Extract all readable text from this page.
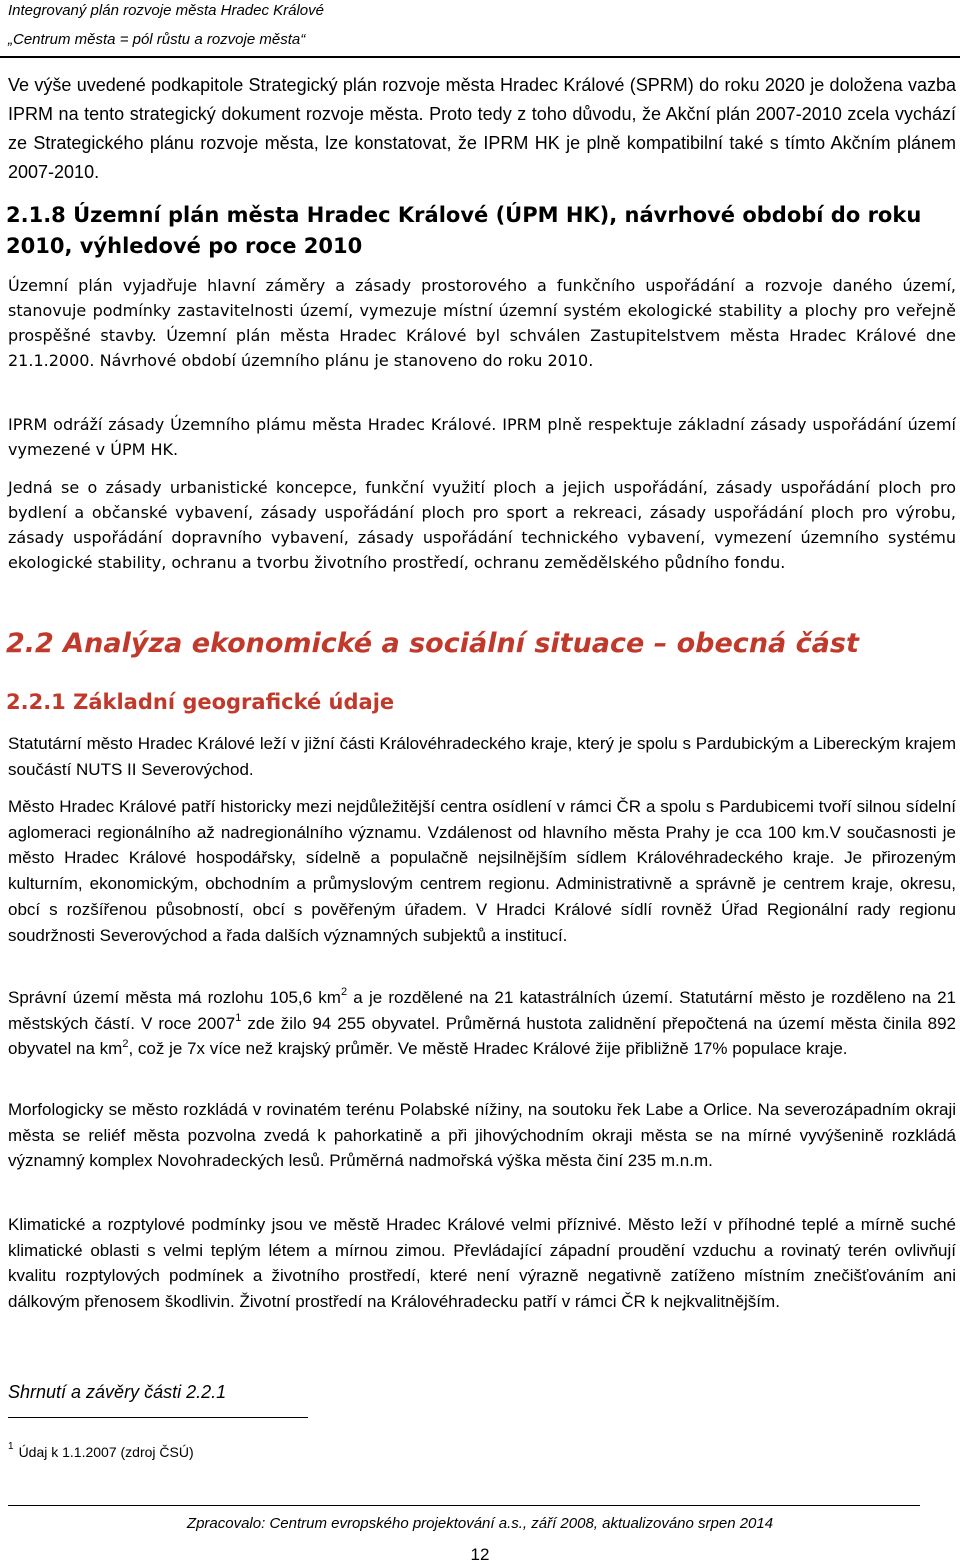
Integrovaný plán rozvoje města Hradec Králové
„Centrum města = pól růstu a rozvoje města“

Ve výše uvedené podkapitole Strategický plán rozvoje města Hradec Králové (SPRM) do roku 2020 je doložena vazba IPRM na tento strategický dokument rozvoje města. Proto tedy z toho důvodu, že Akční plán 2007-2010 zcela vychází ze Strategického plánu rozvoje města, lze konstatovat, že IPRM HK je plně kompatibilní také s tímto Akčním plánem 2007-2010.

2.1.8 Územní plán města Hradec Králové (ÚPM HK), návrhové období do roku 2010, výhledové po roce 2010

Územní plán vyjadřuje hlavní záměry a zásady prostorového a funkčního uspořádání a rozvoje daného území, stanovuje podmínky zastavitelnosti území, vymezuje místní územní systém ekologické stability a plochy pro veřejně prospěšné stavby. Územní plán města Hradec Králové byl schválen Zastupitelstvem města Hradec Králové dne 21.1.2000. Návrhové období územního plánu je stanoveno do roku 2010.

IPRM odráží zásady Územního plámu města Hradec Králové. IPRM plně respektuje základní zásady uspořádání území vymezené v ÚPM HK.

Jedná se o zásady urbanistické koncepce, funkční využití ploch a jejich uspořádání, zásady uspořádání ploch pro bydlení a občanské vybavení, zásady uspořádání ploch pro sport a rekreaci, zásady uspořádání ploch pro výrobu, zásady uspořádání dopravního vybavení, zásady uspořádání technického vybavení, vymezení územního systému ekologické stability, ochranu a tvorbu životního prostředí, ochranu zemědělského půdního fondu.

2.2 Analýza ekonomické a sociální situace – obecná část
2.2.1 Základní geografické údaje

Statutární město Hradec Králové leží v jižní části Královéhradeckého kraje, který je spolu s Pardubickým a Libereckým krajem součástí NUTS II Severovýchod.

Město Hradec Králové patří historicky mezi nejdůležitější centra osídlení v rámci ČR a spolu s Pardubicemi tvoří silnou sídelní aglomeraci regionálního až nadregionálního významu. Vzdálenost od hlavního města Prahy je cca 100 km.V současnosti je město Hradec Králové hospodářsky, sídelně a populačně nejsilnějším sídlem Královéhradeckého kraje. Je přirozeným kulturním, ekonomickým, obchodním a průmyslovým centrem regionu. Administrativně a správně je centrem kraje, okresu, obcí s rozšířenou působností, obcí s pověřeným úřadem. V Hradci Králové sídlí rovněž Úřad Regionální rady regionu soudržnosti Severovýchod a řada dalších významných subjektů a institucí.

Správní území města má rozlohu 105,6 $km^2$ a je rozdělené na 21 katastrálních území. Statutární město je rozděleno na 21 městských částí. V roce 2007$^1$ zde žilo 94 255 obyvatel. Průměrná hustota zalidnění přepočtená na území města činila 892 obyvatel na $km^2$, což je 7x více než krajský průměr. Ve městě Hradec Králové žije přibližně 17% populace kraje.

Morfologicky se město rozkládá v rovinatém terénu Polabské nížiny, na soutoku řek Labe a Orlice. Na severozápadním okraji města se reliéf města pozvolna zvedá k pahorkatině a při jihovýchodním okraji města se na mírné vyvýšenině rozkládá významný komplex Novohradeckých lesů. Průměrná nadmořská výška města činí 235 m.n.m.

Klimatické a rozptylové podmínky jsou ve městě Hradec Králové velmi příznivé. Město leží v příhodné teplé a mírně suché klimatické oblasti s velmi teplým létem a mírnou zimou. Převládající západní proudění vzduchu a rovinatý terén ovlivňují kvalitu rozptylových podmínek a životního prostředí, které není výrazně negativně zatíženo místním znečišťováním ani dálkovým přenosem škodlivin. Životní prostředí na Královéhradecku patří v rámci ČR k nejkvalitnějším.

Shrnutí a závěry části 2.2.1

$^1$ Údaj k 1.1.2007 (zdroj ČSÚ)
Zpracovalo: Centrum evropského projektování a.s., září 2008, aktualizováno srpen 2014
12
